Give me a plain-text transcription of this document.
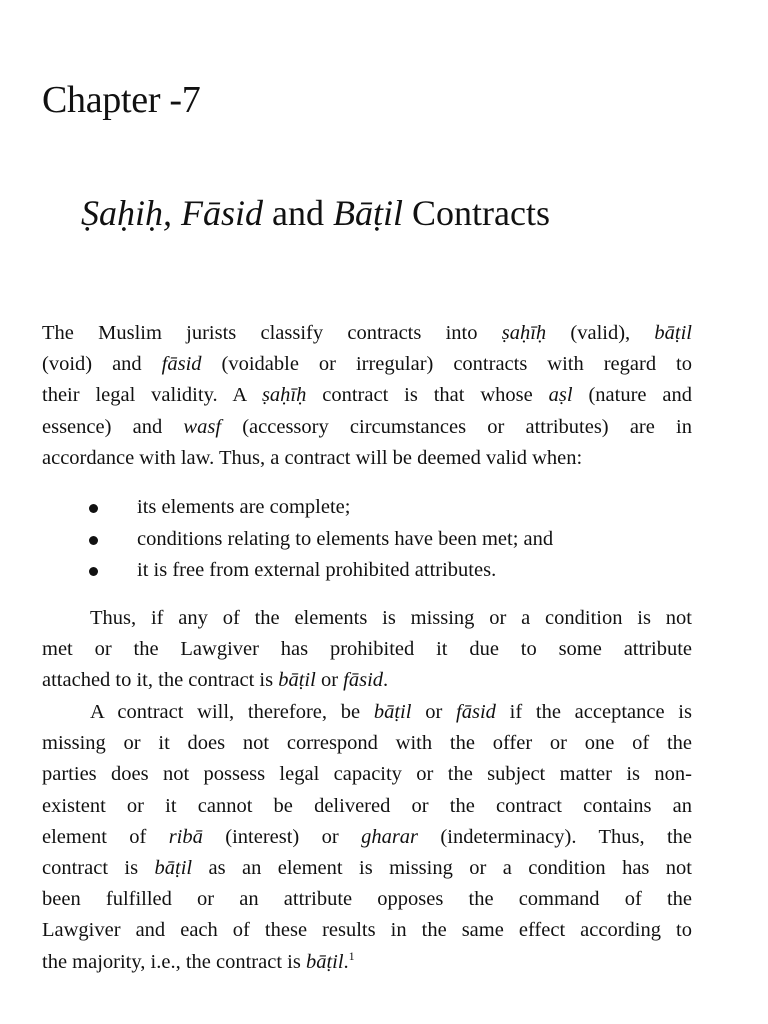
Chapter -7
Ṣaḥiḥ, Fāsid and Bāṭil Contracts

The Muslim jurists classify contracts into ṣaḥīḥ (valid), bāṭil
(void) and fāsid (voidable or irregular) contracts with regard to
their legal validity. A ṣaḥīḥ contract is that whose aṣl (nature and
essence) and wasf (accessory circumstances or attributes) are in
accordance with law. Thus, a contract will be deemed valid when:

its elements are complete;
conditions relating to elements have been met; and
it is free from external prohibited attributes.

Thus, if any of the elements is missing or a condition is not
met or the Lawgiver has prohibited it due to some attribute
attached to it, the contract is bāṭil or fāsid.

A contract will, therefore, be bāṭil or fāsid if the acceptance is
missing or it does not correspond with the offer or one of the
parties does not possess legal capacity or the subject matter is non-
existent or it cannot be delivered or the contract contains an
element of ribā (interest) or gharar (indeterminacy). Thus, the
contract is bāṭil as an element is missing or a condition has not
been fulfilled or an attribute opposes the command of the
Lawgiver and each of these results in the same effect according to
the majority, i.e., the contract is bāṭil.$^1$
